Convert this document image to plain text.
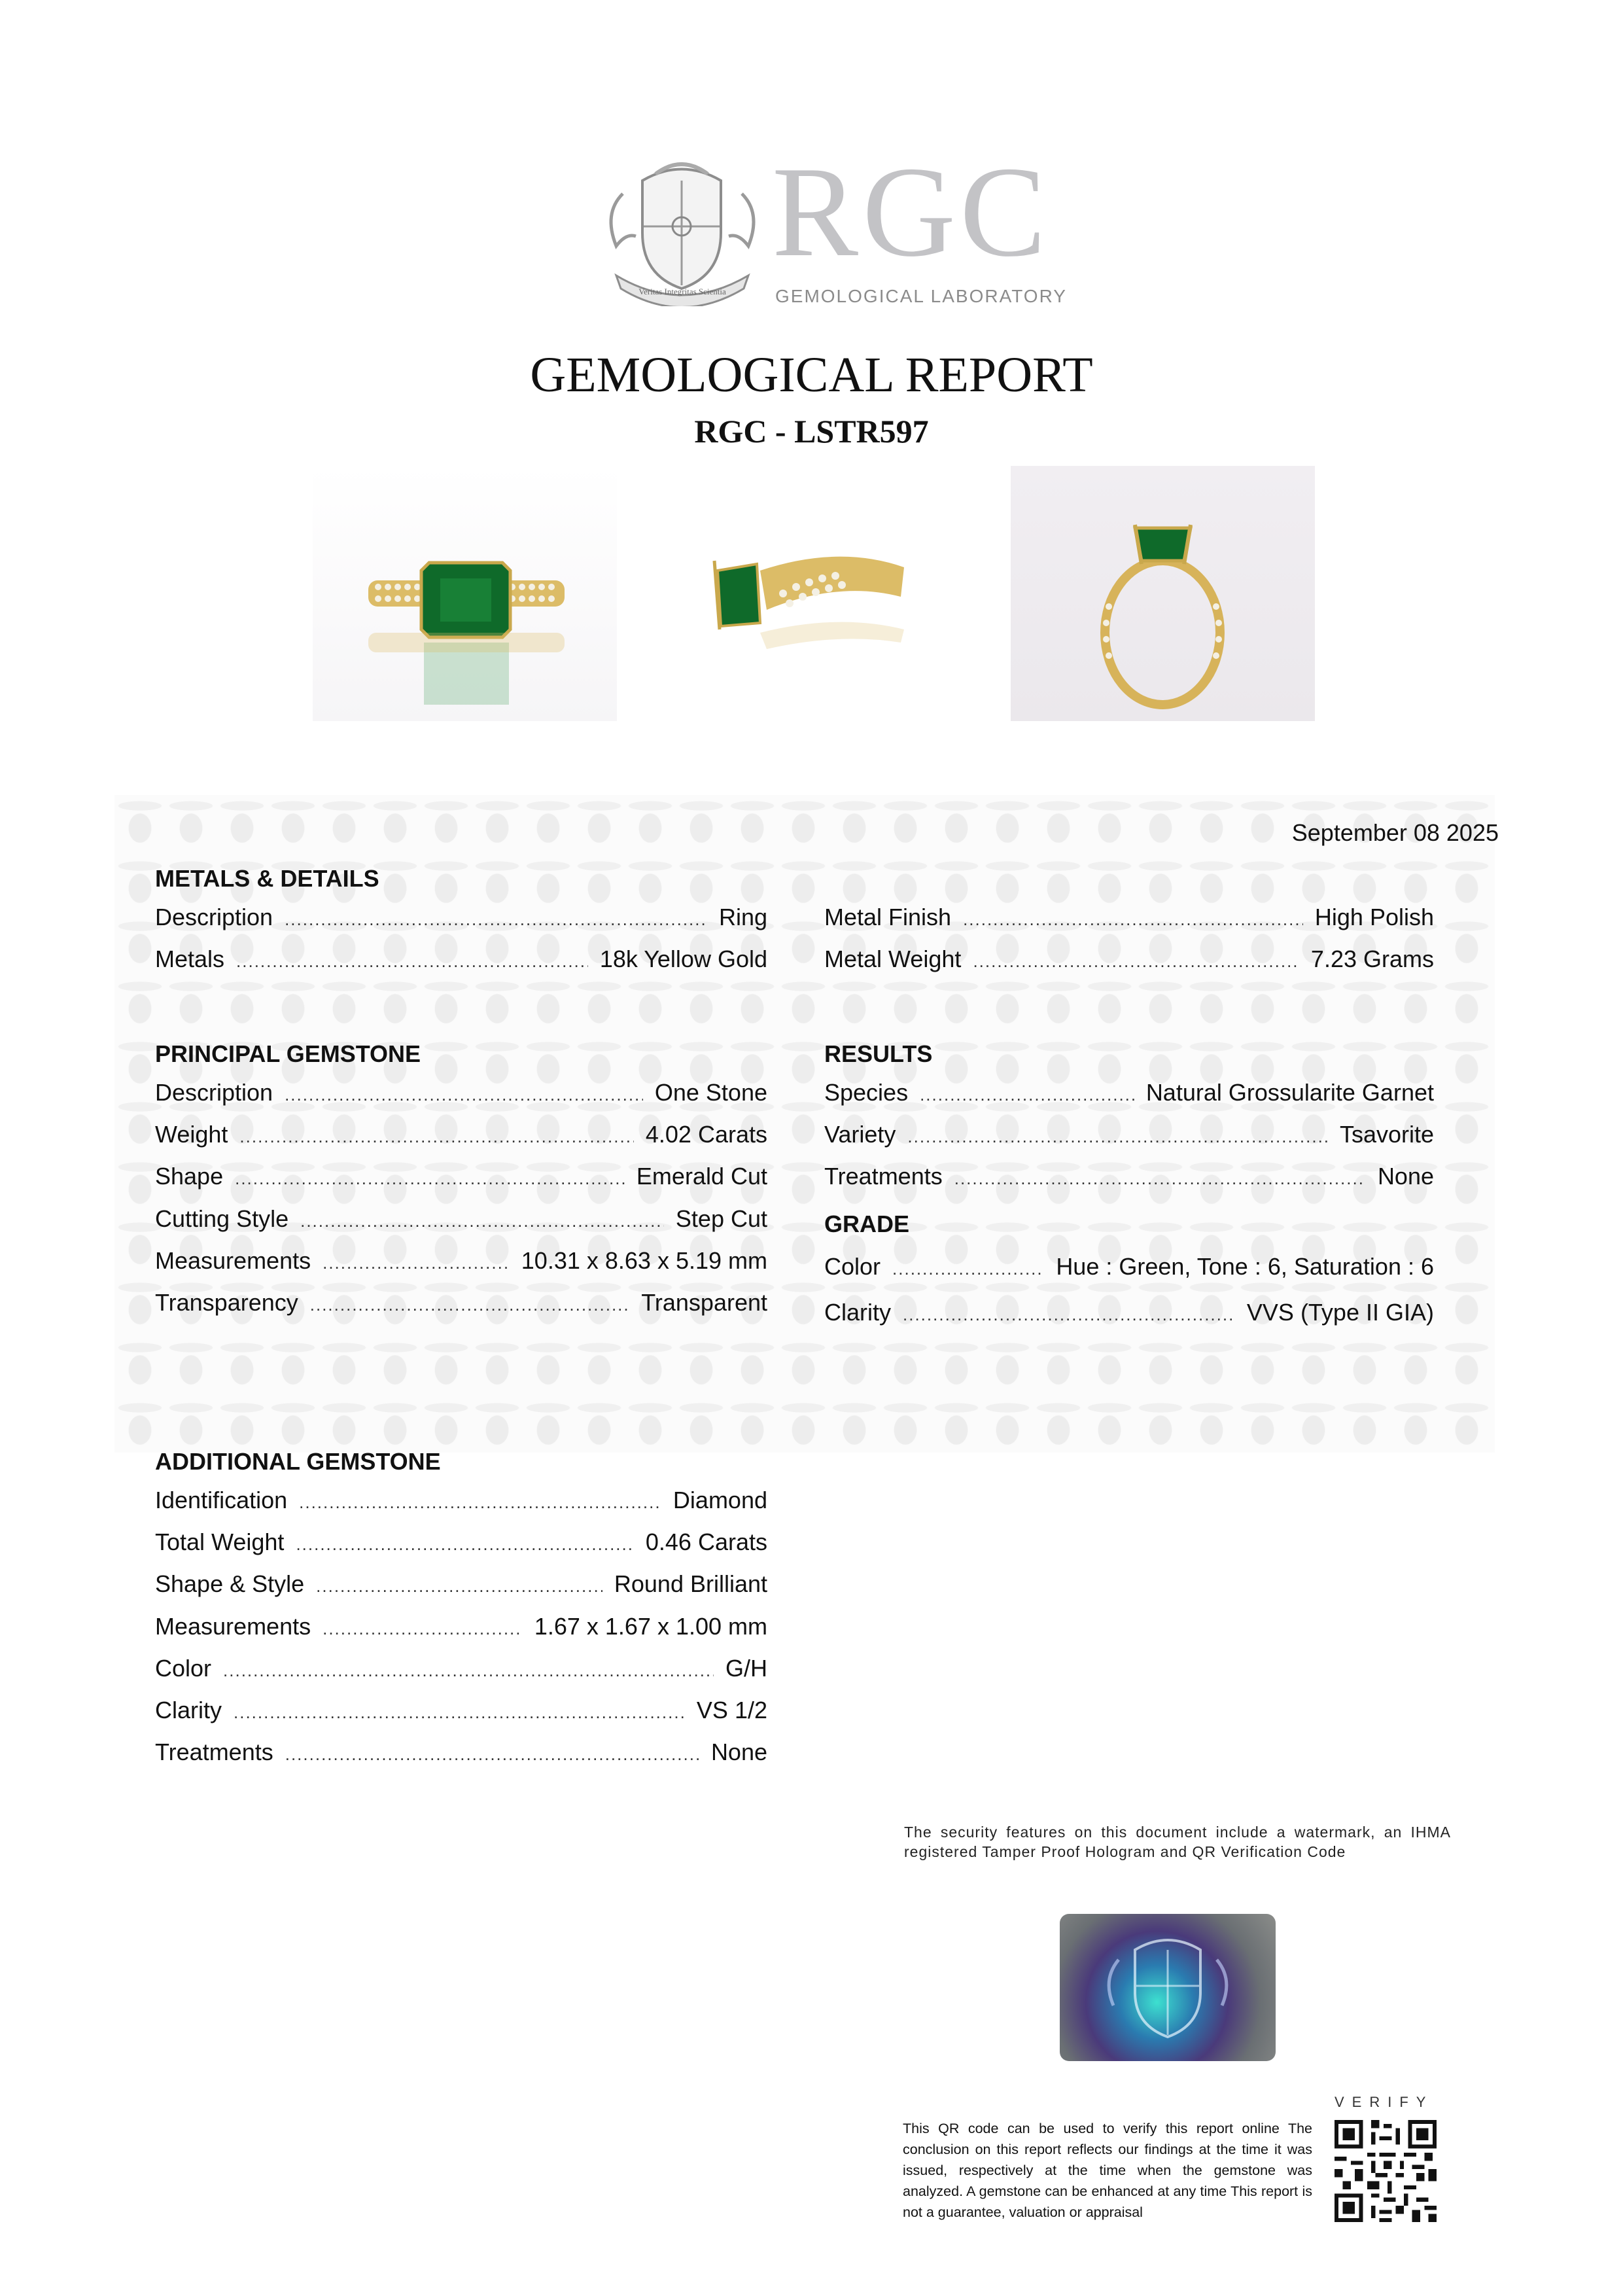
Veritas Integritas Scientia
RGC
GEMOLOGICAL LABORATORY
GEMOLOGICAL REPORT
RGC - LSTR597
September 08 2025
METALS & DETAILS
Description .....	Ring
Metals .....	18k Yellow Gold
Metal Finish .....	High Polish
Metal Weight .....	7.23 Grams
PRINCIPAL GEMSTONE
Description .....	One Stone
Weight .....	4.02 Carats
Shape .....	Emerald Cut
Cutting Style .....	Step Cut
Measurements .....	10.31 x 8.63 x 5.19 mm
Transparency .....	Transparent
RESULTS
Species .....	Natural Grossularite Garnet
Variety .....	Tsavorite
Treatments .....	None
GRADE
Color .....	Hue : Green, Tone : 6, Saturation : 6
Clarity .....	VVS (Type II GIA)
ADDITIONAL GEMSTONE
Identification .....	Diamond
Total Weight .....	0.46 Carats
Shape & Style .....	Round Brilliant
Measurements .....	1.67 x 1.67 x 1.00 mm
Color .....	G/H
Clarity .....	VS 1/2
Treatments .....	None
The security features on this document include a watermark, an IHMA registered Tamper Proof Hologram and QR Verification Code
VERIFY
This QR code can be used to verify this report online The conclusion on this report reflects our findings at the time it was issued, respectively at the time when the gemstone was analyzed. A gemstone can be enhanced at any time This report is not a guarantee, valuation or appraisal
